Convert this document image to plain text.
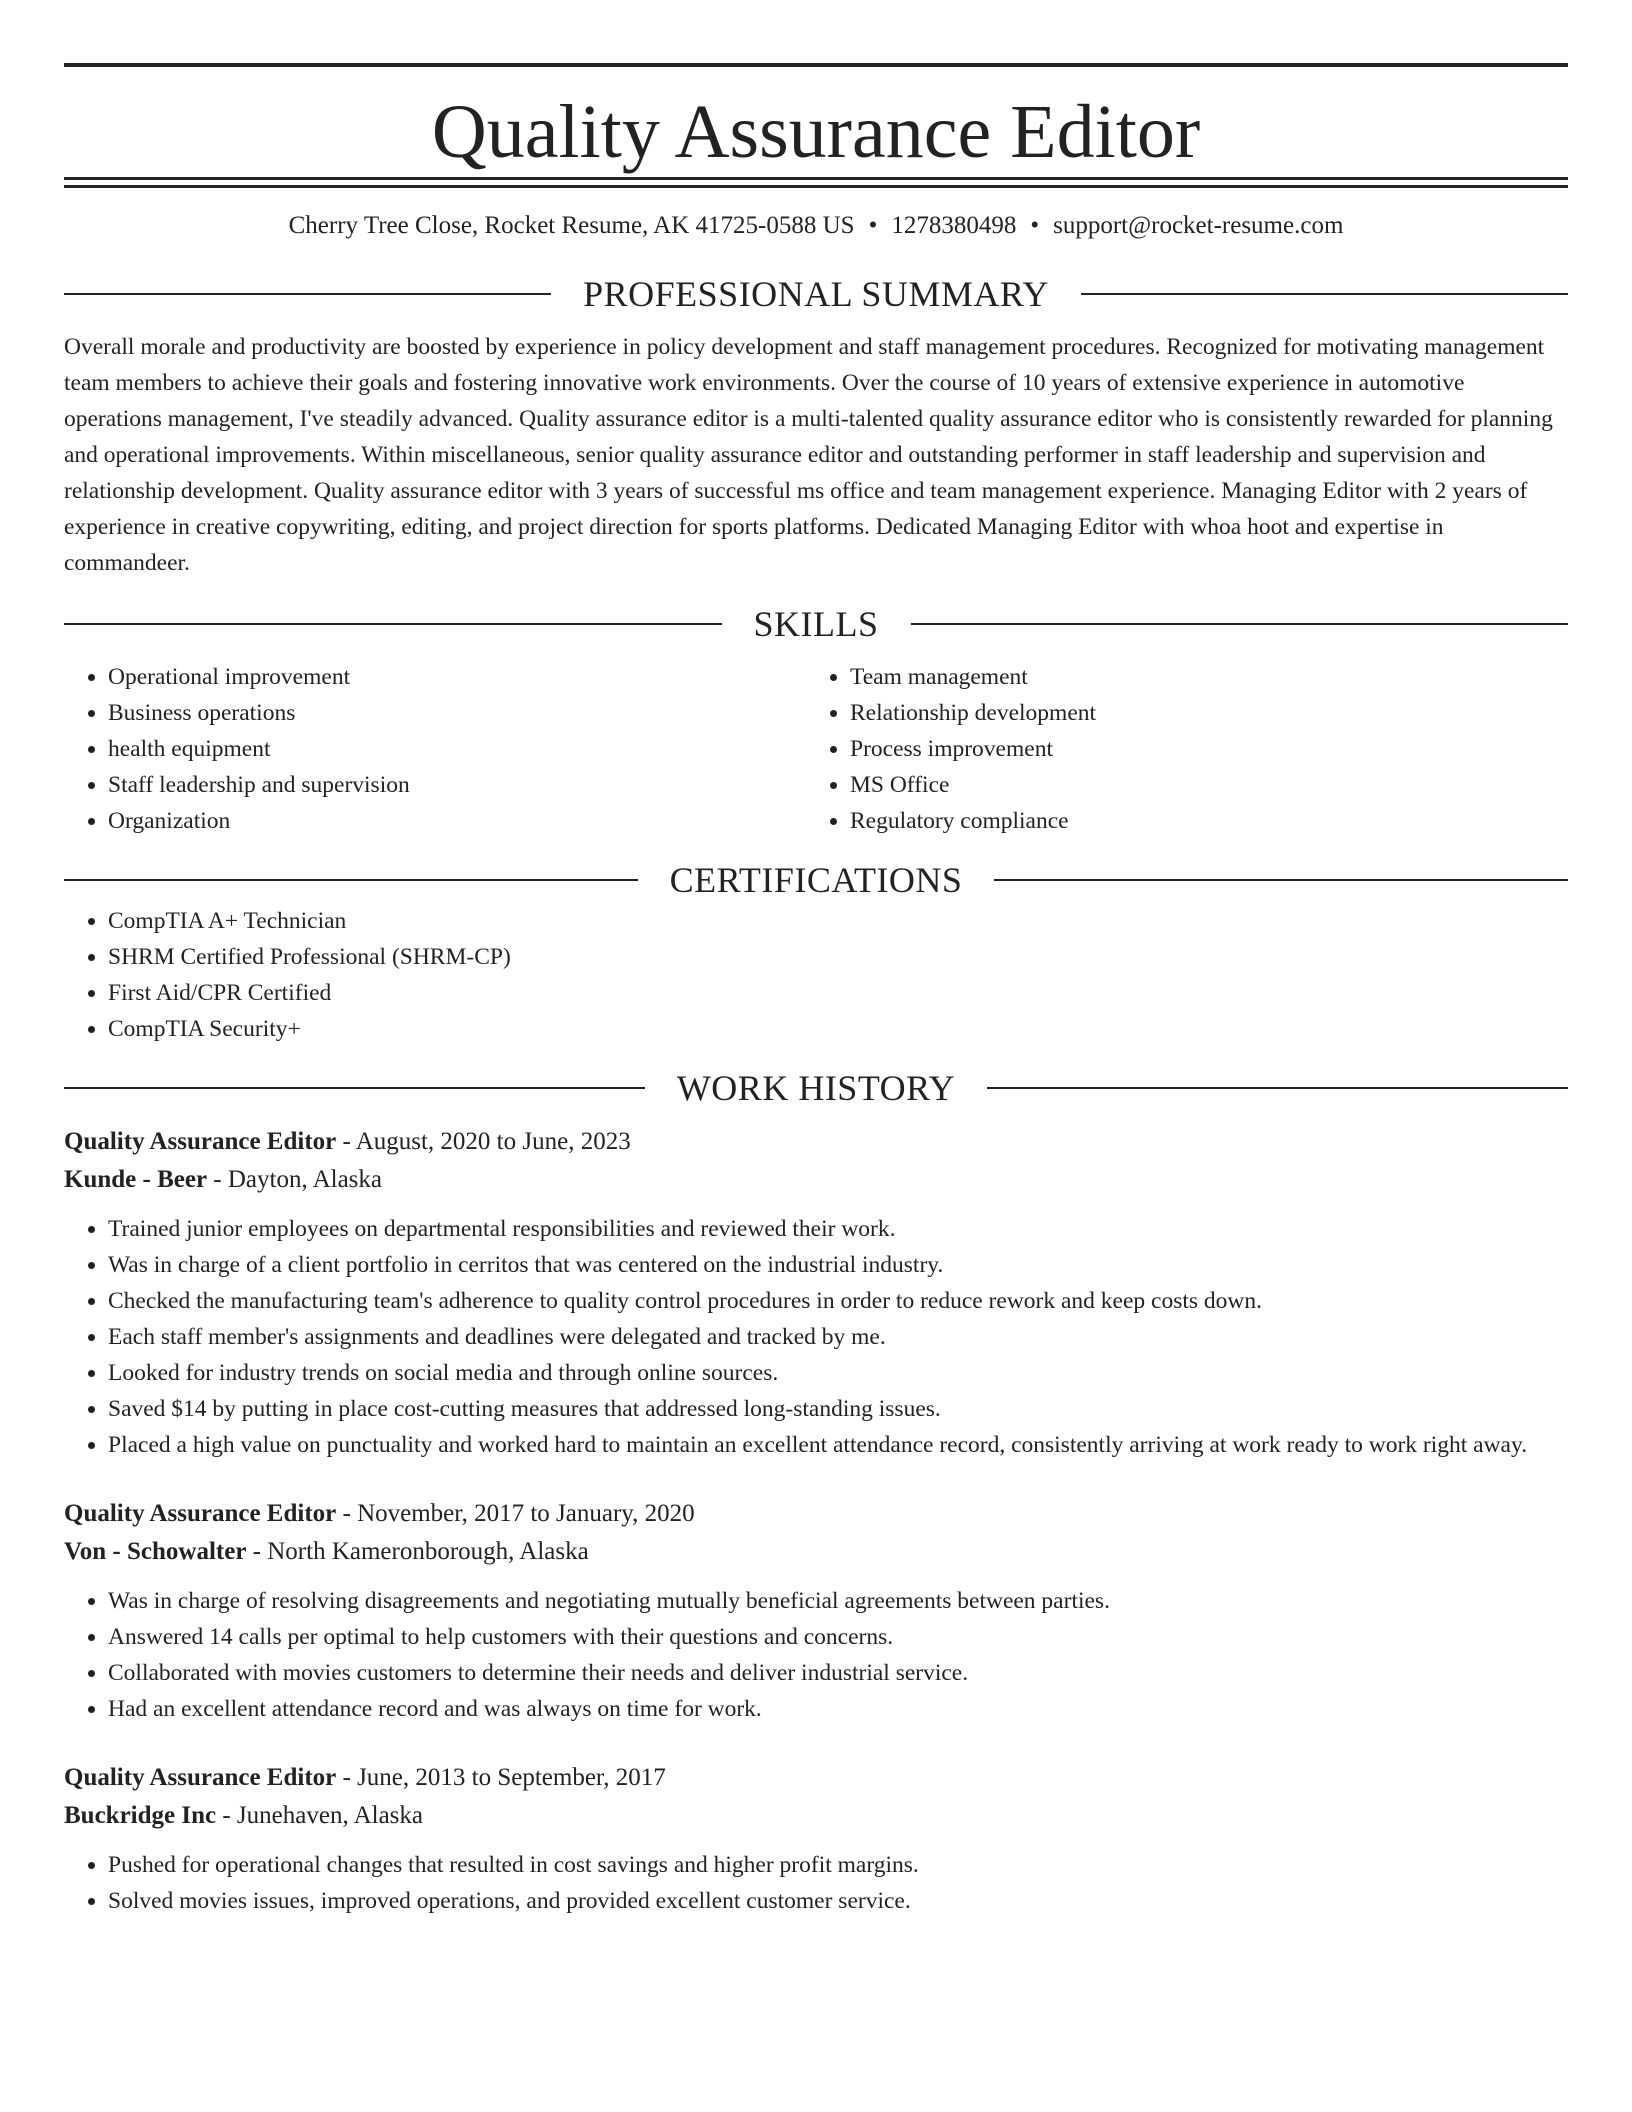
Quality Assurance Editor
Cherry Tree Close, Rocket Resume, AK 41725-0588 US • 1278380498 • support@rocket-resume.com
PROFESSIONAL SUMMARY

Overall morale and productivity are boosted by experience in policy development and staff management procedures. Recognized for motivating management team members to achieve their goals and fostering innovative work environments. Over the course of 10 years of extensive experience in automotive operations management, I've steadily advanced. Quality assurance editor is a multi-talented quality assurance editor who is consistently rewarded for planning and operational improvements. Within miscellaneous, senior quality assurance editor and outstanding performer in staff leadership and supervision and relationship development. Quality assurance editor with 3 years of successful ms office and team management experience. Managing Editor with 2 years of experience in creative copywriting, editing, and project direction for sports platforms. Dedicated Managing Editor with whoa hoot and expertise in commandeer.

SKILLS
• Operational improvement
• Business operations
• health equipment
• Staff leadership and supervision
• Organization
• Team management
• Relationship development
• Process improvement
• MS Office
• Regulatory compliance
CERTIFICATIONS
• CompTIA A+ Technician
• SHRM Certified Professional (SHRM-CP)
• First Aid/CPR Certified
• CompTIA Security+
WORK HISTORY
Quality Assurance Editor - August, 2020 to June, 2023
Kunde - Beer - Dayton, Alaska
• Trained junior employees on departmental responsibilities and reviewed their work.
• Was in charge of a client portfolio in cerritos that was centered on the industrial industry.
• Checked the manufacturing team's adherence to quality control procedures in order to reduce rework and keep costs down.
• Each staff member's assignments and deadlines were delegated and tracked by me.
• Looked for industry trends on social media and through online sources.
• Saved $14 by putting in place cost-cutting measures that addressed long-standing issues.
• Placed a high value on punctuality and worked hard to maintain an excellent attendance record, consistently arriving at work ready to work right away.
Quality Assurance Editor - November, 2017 to January, 2020
Von - Schowalter - North Kameronborough, Alaska
• Was in charge of resolving disagreements and negotiating mutually beneficial agreements between parties.
• Answered 14 calls per optimal to help customers with their questions and concerns.
• Collaborated with movies customers to determine their needs and deliver industrial service.
• Had an excellent attendance record and was always on time for work.
Quality Assurance Editor - June, 2013 to September, 2017
Buckridge Inc - Junehaven, Alaska
• Pushed for operational changes that resulted in cost savings and higher profit margins.
• Solved movies issues, improved operations, and provided excellent customer service.
